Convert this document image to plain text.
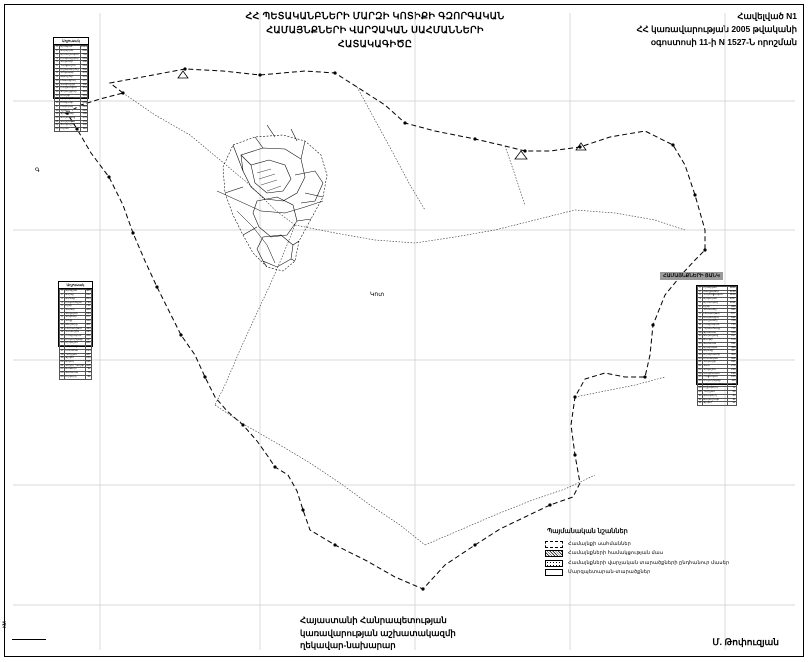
ՀՀ ՊԵՏԱԿԱՆԲՆԵՐԻ ՄԱՐԶԻ ԿՈՏԻՔԻ ԳԶՈՐԳԱԿԱՆ
ՀԱՄԱՅՆՔՆԵՐԻ ՎԱՐՉԱԿԱՆ ՍԱՀՄԱՆՆԵՐԻ
ՀԱՏԱԿԱԳԻԾԸ
Հավելված N1
ՀՀ կառավարության 2005 թվականի
օգոստոսի 11-ի N 1527-Ն որոշման
Կոտ
Գ
Աղյուսակ
1	Արագած	1024
2	Ապարան	896
3	Արտաշավան	742
4	Բազմաղբյուր	651
5	Գեղաձոր	588
6	Դավթաշեն	544
7	Եղիպատրուշ	502
8	Զովասար	478
9	Թթուջուր	441
10	Լուսագյուղ	407
11	Կանիաշիր	382
12	Հարթավան	351
13	Ձորաղբյուր	329
14	Մուղնի	301
15	Նիգավան	287
16	Շենկանի	265
17	Ոսկեվազ	241
18	Չքնաղ	220
19	Ջրամբար	198
20	Սարալանջ	176
21	Վարդենիս	154
22	Ցաղկաշեն	132
23	Ուջան	118
Աղյուսակ
1	Աբովյան	985
2	Առինջ	912
3	Ակունք	854
4	Բալահովիտ	799
5	Բջնի	741
6	Գառնի	688
7	Գեղաշեն	630
8	Զովունի	577
9	Զովք	529
10	Թեղենիք	481
11	Լեռնանիստ	433
12	Կամարիս	395
13	Հանքավան	352
14	Մայակովսկի	317
15	Մրգաշեն	281
16	Նոր Գեղի	249
17	Նուռնուս	214
18	Պռոշյան	187
19	Ջրվեժ	159
20	Սոլակ	131
21	Վերին Պտղնի	108
22	Քասախ	92
23	Ֆանտան	78
24	Եղվարդ	61
ՀԱՄԱՅՆՔՆԵՐԻ ՑԱՆԿ
1	Հրազդան	1204
2	Ծաղկաձոր	1158
3	Չարենցավան	1103
4	Արզական	1057
5	Արտավազ	1011
6	Բջնի	968
7	Գետամեջ	921
8	Լեռնանիստ	877
9	Մարմարիկ	832
10	Մեղրաձոր	788
11	Հանքավան	745
12	Պղնձահանք	701
13	Ջրառատ	659
14	Սարալանջ	617
15	Քաղսի	574
16	Ֆանտան	531
17	Ալափարս	489
18	Ակունք	447
19	Աղավնաձոր	404
20	Բուժական	362
21	Գեղադիր	321
22	Զառ	279
23	Զովաշեն	238
24	Կապուտան	196
25	Հացավան	155
26	Մայակովսկի	118
27	Նոր Արտամետ	94
28	Ողջաբերդ	72
29	Պռոշյան	58
30	Սևաբերդ	44
31	Քարաշամբ	31
32	Ջրվեժ	22
Պայմանական նշաններ
Համայնքի սահմաններ
Համայնքների համակցության մաս
Համայնքների վարչական տարածքների ընդհանուր մասեր
Մարզպետարան-տարածքներ
Հայաստանի Հանրապետության
կառավարության աշխատակազմի
ղեկավար-նախարար	Մ. Թոփուզյան
км
